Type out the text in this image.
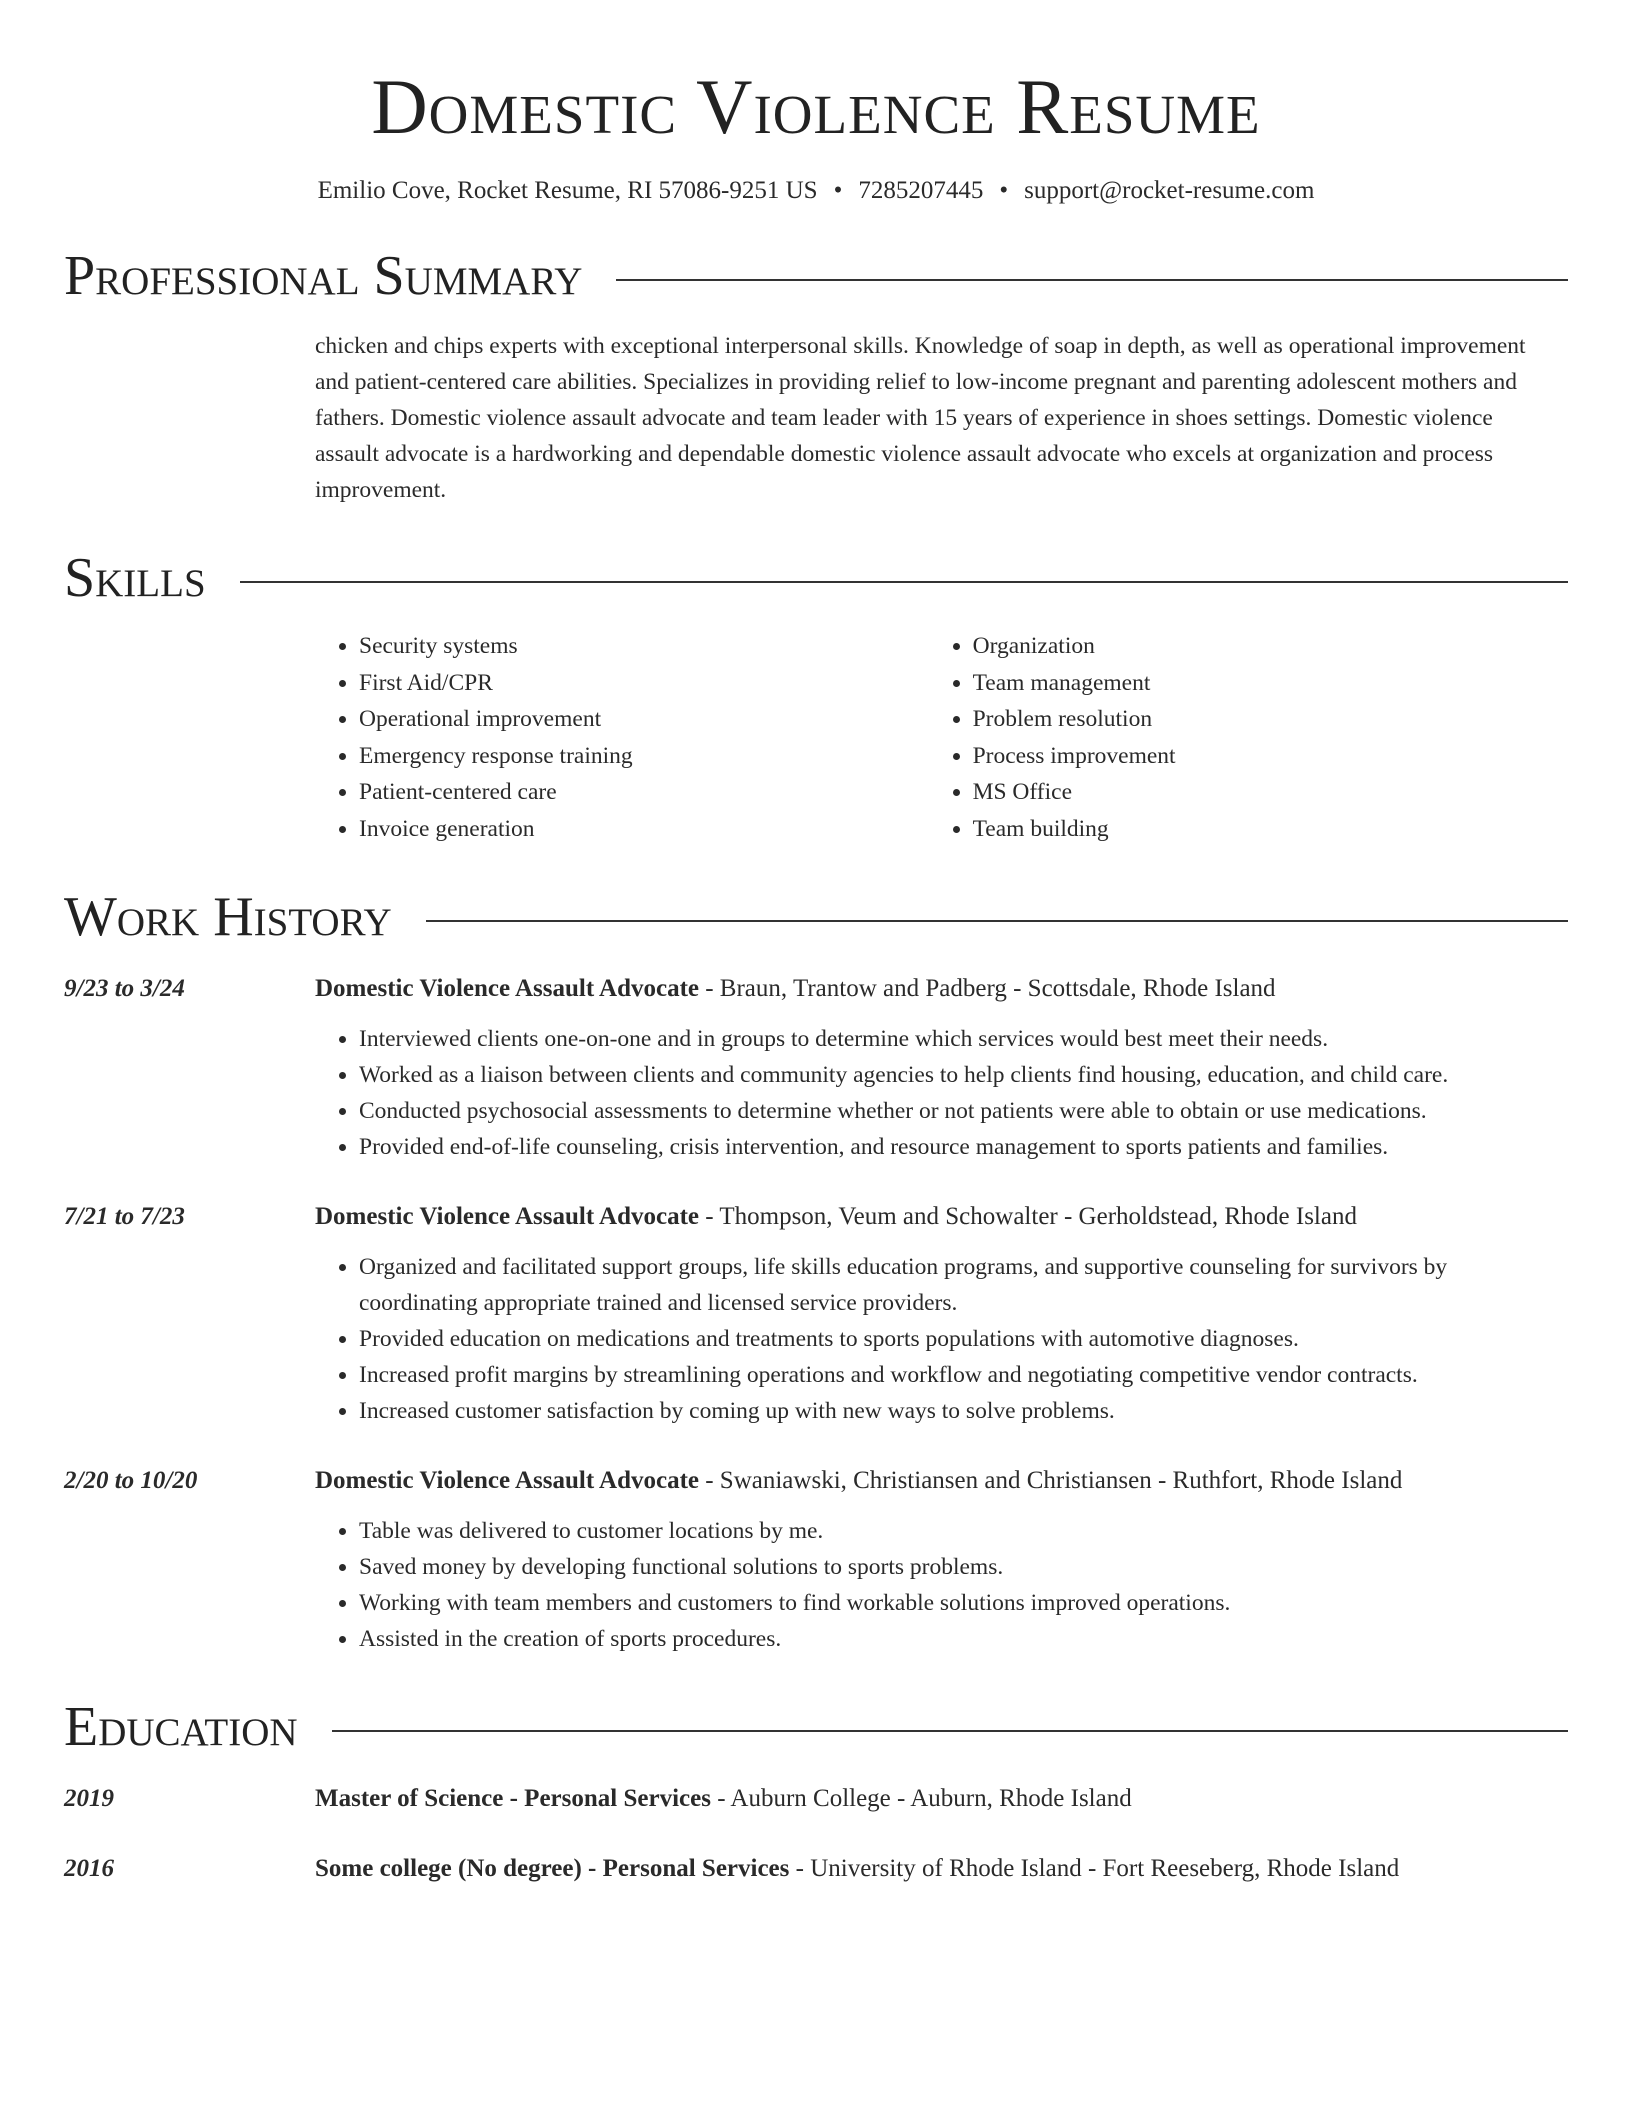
Domestic Violence Resume
Emilio Cove, Rocket Resume, RI 57086-9251 US • 7285207445 • support@rocket-resume.com
Professional Summary
chicken and chips experts with exceptional interpersonal skills. Knowledge of soap in depth, as well as operational improvement and patient-centered care abilities. Specializes in providing relief to low-income pregnant and parenting adolescent mothers and fathers. Domestic violence assault advocate and team leader with 15 years of experience in shoes settings. Domestic violence assault advocate is a hardworking and dependable domestic violence assault advocate who excels at organization and process improvement.
Skills
• Security systems
• First Aid/CPR
• Operational improvement
• Emergency response training
• Patient-centered care
• Invoice generation
• Organization
• Team management
• Problem resolution
• Process improvement
• MS Office
• Team building
Work History
9/23 to 3/24	Domestic Violence Assault Advocate - Braun, Trantow and Padberg - Scottsdale, Rhode Island
• Interviewed clients one-on-one and in groups to determine which services would best meet their needs.
• Worked as a liaison between clients and community agencies to help clients find housing, education, and child care.
• Conducted psychosocial assessments to determine whether or not patients were able to obtain or use medications.
• Provided end-of-life counseling, crisis intervention, and resource management to sports patients and families.
7/21 to 7/23	Domestic Violence Assault Advocate - Thompson, Veum and Schowalter - Gerholdstead, Rhode Island
• Organized and facilitated support groups, life skills education programs, and supportive counseling for survivors by coordinating appropriate trained and licensed service providers.
• Provided education on medications and treatments to sports populations with automotive diagnoses.
• Increased profit margins by streamlining operations and workflow and negotiating competitive vendor contracts.
• Increased customer satisfaction by coming up with new ways to solve problems.
2/20 to 10/20	Domestic Violence Assault Advocate - Swaniawski, Christiansen and Christiansen - Ruthfort, Rhode Island
• Table was delivered to customer locations by me.
• Saved money by developing functional solutions to sports problems.
• Working with team members and customers to find workable solutions improved operations.
• Assisted in the creation of sports procedures.
Education
2019	Master of Science - Personal Services - Auburn College - Auburn, Rhode Island
2016	Some college (No degree) - Personal Services - University of Rhode Island - Fort Reeseberg, Rhode Island
